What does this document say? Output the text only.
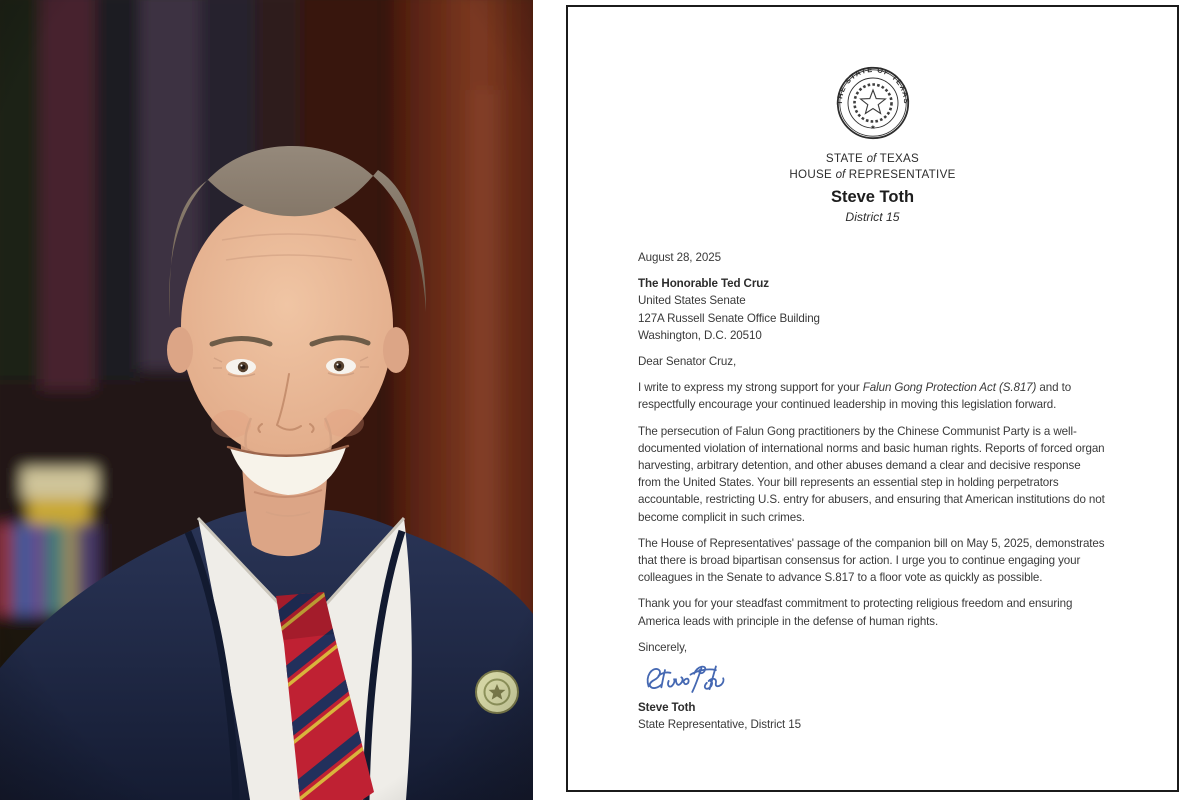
THE STATE OF TEXAS
★
STATE of TEXAS
HOUSE of REPRESENTATIVE
Steve Toth
District 15
August 28, 2025
The Honorable Ted Cruz
United States Senate
127A Russell Senate Office Building
Washington, D.C. 20510
Dear Senator Cruz,

I write to express my strong support for your Falun Gong Protection Act (S.817) and to respectfully encourage your continued leadership in moving this legislation forward.

The persecution of Falun Gong practitioners by the Chinese Communist Party is a well-documented violation of international norms and basic human rights. Reports of forced organ harvesting, arbitrary detention, and other abuses demand a clear and decisive response from the United States. Your bill represents an essential step in holding perpetrators accountable, restricting U.S. entry for abusers, and ensuring that American institutions do not become complicit in such crimes.

The House of Representatives' passage of the companion bill on May 5, 2025, demonstrates that there is broad bipartisan consensus for action. I urge you to continue engaging your colleagues in the Senate to advance S.817 to a floor vote as quickly as possible.

Thank you for your steadfast commitment to protecting religious freedom and ensuring America leads with principle in the defense of human rights.

Sincerely,
Steve Toth
State Representative, District 15
